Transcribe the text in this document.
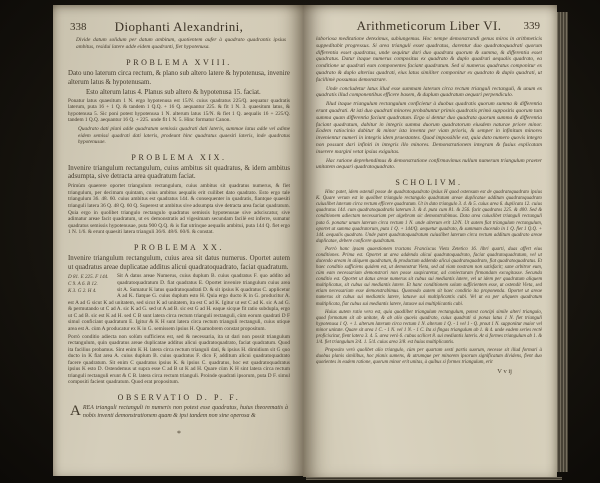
338	Diophanti Alexandrini,
Divide datum solidum per datum ambitum, quotientem aufer à quadrato quadrantis ipsius ambitus, residui latere adde eidem quadranti, fiet hypotenusa.
PROBLEMA XVIII.

Dato uno laterum circa rectum, & plano sub altero latere & hypotenusa, invenire alterum latus & hypotenusam.

Esto alterum latus 4. Planus sub altero & hypotenusa 15. faciat.

Ponatur latus quaesitum 1 N. ergo hypotenusa est 15/N. cuius quadratus 225/Q. aequatur quadratis laterum, puta 16 + 1 Q. & tandem 1 Q.Q. + 16 Q. aequantur 225. & fit 1 N. 3. quaesitum latus, & hypotenusa 5. Sic poni potest hypotenusa 1 N. alterum latus 15/N. & fiet 1 Q. aequalis 16 + 225/Q. tandem 1 Q.Q. aequantur 16 Q. + 225. unde fit 1 N. 5. Hinc formatur Canon.

Quadrato dati plani adde quadratum semissis quadrati dati lateris, summae latus adde vel adime eidem semissi quadrati dati lateris, prodeunt hinc quadratus quaesiti lateris, inde quadratus hypotenusae.

PROBLEMA XIX.

Invenire triangulum rectangulum, cuius ambitus sit quadratus, & idem ambitus adsumpta, sive detracta area quadratum faciat.

Primùm quaerere oportet triangulum rectangulum, cuius ambitus sit quadratus numerus, & fiet triangulum, per decimam quintam, cuius ambitus aequalis erit cuilibet dato quadrato. Esto ergo tale triangulum 36. 48. 60. cuius ambitus est quadratus 144. & consequenter in quadratis, fiantque quaesiti trianguli latera 36 Q. 48 Q. 60 Q. Superest ut ambitus sive adsumpta sive detracta area faciat quadratum. Quia ergo in quolibet triangulo rectangulo quadratus semissis hypotenusae sive adsciscatur, sive adimatur areae facit quadratum, ut ex demonstratis ad vigesimam secundam facilè est inferre, sumatur quadratus semissis hypotenusae, puta 900 Q.Q. & is fiat utrinque aequalis ambitui, puta 144 Q. fiet ergo 1 N. 1/6. & erunt quaesiti latera trianguli 36/6. 48/6. 60/6. & constat.

PROBLEMA XX.

Invenire triangulum rectangulum, cuius area sit datus numerus. Oportet autem ut quadratus areae duplicatae additus alicui quadratoquadrato, faciat quadratum.

D 81. E 225. F 144.
C 9. A 6. B 12.
K 3. G 2. H 4.

Sit A datus areae Numerus, cuius duplum B. cuius quadratus F. quo addito ad quadratoquadratum D. fiat quadratus E. Oportet invenire triangulum cuius area sit A. Sumatur K latus quadratoquadrati D. & sit ipsius K quadratus C. applicetur A ad K. fiatque G. cuius duplum esto H. Quia ergo ducto K in G. producitur A. est A ad G sicut K ad unitatem, sed sicut K ad unitatem, ita est C ad K. Igitur ut est C ad K. sic A ad G. & permutando ut C ad A. sic K ad G. sed ut A ad B. sic est G ad H. eaque sicque fit ratio subdupla, ergo ut C ad B. sic est K ad H. sed C B sunt latera circa rectum trianguli rectanguli, cùm eorum quadrati D F simul conficiant quadratum E. Igitur & K H sunt latera circa rectum trianguli rectanguli, cuius utique area est A. cùm A producatur ex K in G. semissem ipsius H. Quamobrem constat propositum.

Porrò conditio adiecta non solùm sufficiens est, sed & necessaria, ita ut dari non possit triangulum rectangulum, quin quadratus areae duplicatae additus alicui quadratoquadrato, faciat quadratum. Quod ita facilius probamus. Sint enim K H. latera circa rectum trianguli dati, & ipsius H. dimidium sit G quo ducto in K fiat area A. cuius duplum B. cuius quadratus F. dico F, additum alicui quadratoquadrato facere quadratum. Sit enim C quadratus ipsius K. & ipsius C. quadratus, hoc est quadratoquadratus ipsius K esto D. Ostendemus ut supra esse C ad B ut K ad H. Quare cùm K H sint latera circa rectum trianguli rectanguli erunt & C B. latera circa rectum trianguli. Proinde quadrati ipsorum, puta D F. simul compositi facient quadratum. Quod erat propositum.

OBSERVATIO D. P. F.

AREA trianguli rectanguli in numeris non potest esse quadratus, huius theorematis à nobis inventi demonstrationem quam & ipsi tandem non sine operosa &

*
Arithmeticorum Liber VI.	339

laboriosa meditatione deteximus, subiungemus. Hoc nempe demonstrandi genus miros in arithmeticis suppeditabit progressus. Si area trianguli esset quadratus, darentur duo quadratoquadrati quorum differentia esset quadratus, unde sequitur dari duo quadrata quorum & summa, & differentia esset quadratus. Datur itaque numerus compositus ex quadrato & duplo quadrati aequalis quadrato, ea conditione ut quadrati eum componentes faciant quadratum. Sed si numerus quadratus componitur ex quadrato & duplo alterius quadrati, eius latus similiter componitur ex quadrato & duplo quadrati, ut facillimè possumus demonstrare.

Unde concludetur latus illud esse summam laterum circa rectum trianguli rectanguli, & unum ex quadratis illud componentibus efficere basem, & duplum quadratum aequari perpendiculo.

Illud itaque triangulum rectangulum conficietur à duobus quadratis quorum summa & differentia erunt quadrati. At isti duo quadrati minores probabuntur primis quadratis primò suppositis quorum tum summa quam differentia faciunt quadratum. Ergo si dentur duo quadrata quorum summa & differentia faciant quadratum, dabitur in integris summa duorum quadratorum eiusdem naturae priore minor. Eodem ratiocinio dabitur & minor ista inventa per viam prioris, & semper in infinitum minores invenientur numeri in integris idem praestantes. Quod impossibile est, quia dato numero quovis integro non possunt dari infiniti in integris illo minores. Demonstrationem integram & fusius explicatam inserere margini vetat ipsius exiguitas.

Hac ratione deprehendimus & demonstratione confirmavimus nullum numerum triangulum praeter unitatem aequari quadratoquadrato.

SCHOLIVM.

Hinc patet, idem ostendi posse de quadratoquadrato ipsius H quod ostensum est de quadratoquadrato ipsius K. Quare verum est in quolibet triangulo rectangulo quadratum areae duplicatae additum quadratoquadrato cuiuslibet laterum circa rectum efficere quadratum. Ut in dato triangulo 3. 4. & 5. cuius area 6. duplicata 12. cuius quadratus 144. cum quadratoquadratis laterum 3. & 4. puta cum 81. & 256. facit quadratos 225. & 400. Sed & conditionem adiectam necessariam per algebram sic demonstrabimus. Data area cuiuslibet trianguli rectanguli puta 6. ponatur unum laterum circa rectum 1 N. unde alterum erit 12/N. Ut autem fiat triangulum rectangulum, oportet ut summa quadratorum, puta 1 Q. + 144/Q. aequetur quadrato, & summam ducendo in 1 Q. fiet 1 Q.Q. + 144. aequalis quadrato. Unde patet quadratoquadratum cuiuslibet laterum circa rectum additum quadrato areae duplicatae, debere conficere quadratum.

Porrò hanc ipsam quaestionem tractans Franciscus Vieta Zetetico 16. libri quarti, duas affert eius conditiones. Prima est. Oportet ut area addenda alicui quadratoquadrato, faciat quadratoquadratum, vel ut ducendo aream in aliquem quadratum, & productum addendo alicui quadratoquadrato, fiat quadratoquadratus. Et haec conditio sufficiens quidem est, ut demonstrat Vieta, sed ad viam nostram non satisfacit; sane arbitror eum, cùm eam necessariam demonstrari non posse suspicaretur, ad coniecturam firmandam excogitasse. Secunda conditio est. Oportet ut datus areae numerus sit cubus sui mediantis latere, vel ut idem per quadratum aliquem multiplicatus, sit cubus sui mediantis latere. Et hanc conditionem solam sufficientem esse, ut ostendit Vieta, sed etiam necessariam esse demonstrabimus. Quomodo autem sit haec conditio ita proponenda. Oportet ut areae numerus sit cubus sui mediantis latere, latusve sui multiplicantis cubi. Vel ut ea per aliquem quadratum multiplicata, fiat cubus sui mediantis latere, latusve sui multiplicantis cubi.

Huius autem ratio vera est, quia quodlibet triangulum rectangulum, potest concipi simile alteri triangulo, quod formatum sit ab unitate, & ab alio quovis quadrato, cuius quadrati si ponas latus 1 N. fiet trianguli hypotenusa 1 Q. + 1. alterum laterum circa rectum 1 N. alterum 1 Q. - 1 vel 1 - Q. prout 1 N. supponitur maior vel minor unitate. Quare sit area 1 C. - 1 N. vel 1 N. - 1 C. Ita si fingas triangulum ab 1. & 4. unde eadem series rectè proficiscitur, fient latera 3. 4. 5. area verò 6. cubus scilicet 8. sui mediantis lateris. At si formes triangulum ab 1. & 1/4. fiet triangulum 3/4. 1. 5/4. cuius area 3/8. est huius multiplicantis.

Proposito verò quolibet alio triangulo, cùm per quartam sexti partis suorum, necesse sit illud formari à duobus planis similibus, hoc planis sumens, & utrumque per minorem ipsorum significatum dividens, fient duo quotientes in eadem ratione, quorum minor erit unitas, à quibus si formes triangulum, erit

V v ij
